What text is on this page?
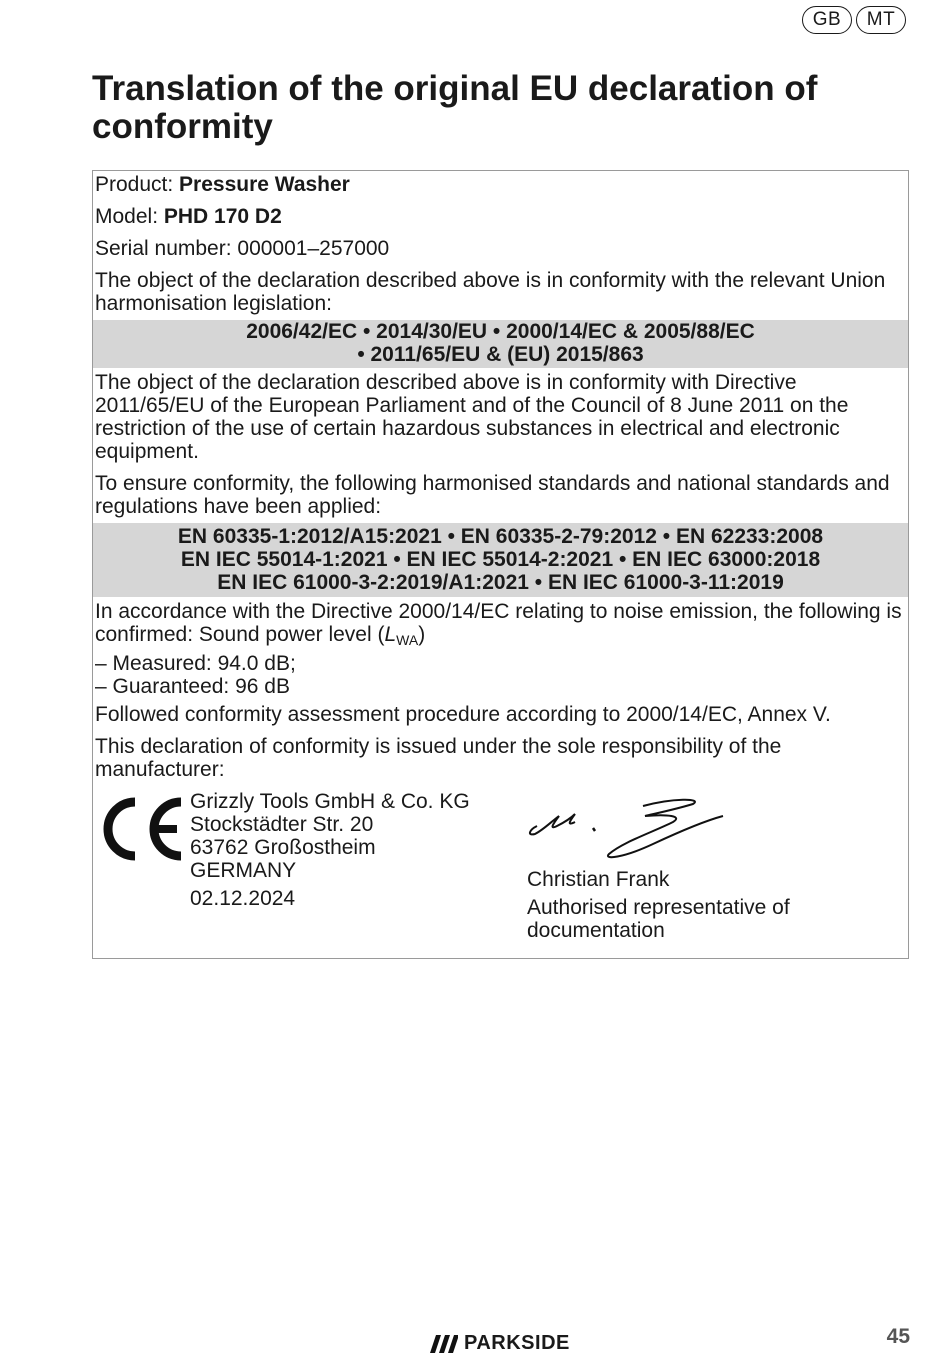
GB	MT
Translation of the original EU declaration of conformity
Product: Pressure Washer
Model: PHD 170 D2
Serial number: 000001–257000
The object of the declaration described above is in conformity with the relevant Union harmonisation legislation:
2006/42/EC • 2014/30/EU • 2000/14/EC & 2005/88/EC
• 2011/65/EU & (EU) 2015/863
The object of the declaration described above is in conformity with Directive 2011/65/EU of the European Parliament and of the Council of 8 June 2011 on the restriction of the use of certain hazardous substances in electrical and electronic equipment.
To ensure conformity, the following harmonised standards and national standards and regulations have been applied:
EN 60335-1:2012/A15:2021 • EN 60335-2-79:2012 • EN 62233:2008
EN IEC 55014-1:2021 • EN IEC 55014-2:2021 • EN IEC 63000:2018
EN IEC 61000-3-2:2019/A1:2021 • EN IEC 61000-3-11:2019
In accordance with the Directive 2000/14/EC relating to noise emission, the following is confirmed: Sound power level $(L_{WA})$
– Measured: 94.0 dB;
– Guaranteed: 96 dB
Followed conformity assessment procedure according to 2000/14/EC, Annex V.
This declaration of conformity is issued under the sole responsibility of the manufacturer:
Grizzly Tools GmbH & Co. KG
Stockstädter Str. 20
63762 Großostheim
GERMANY
02.12.2024
Christian Frank
Authorised representative of documentation
PARKSIDE	45
